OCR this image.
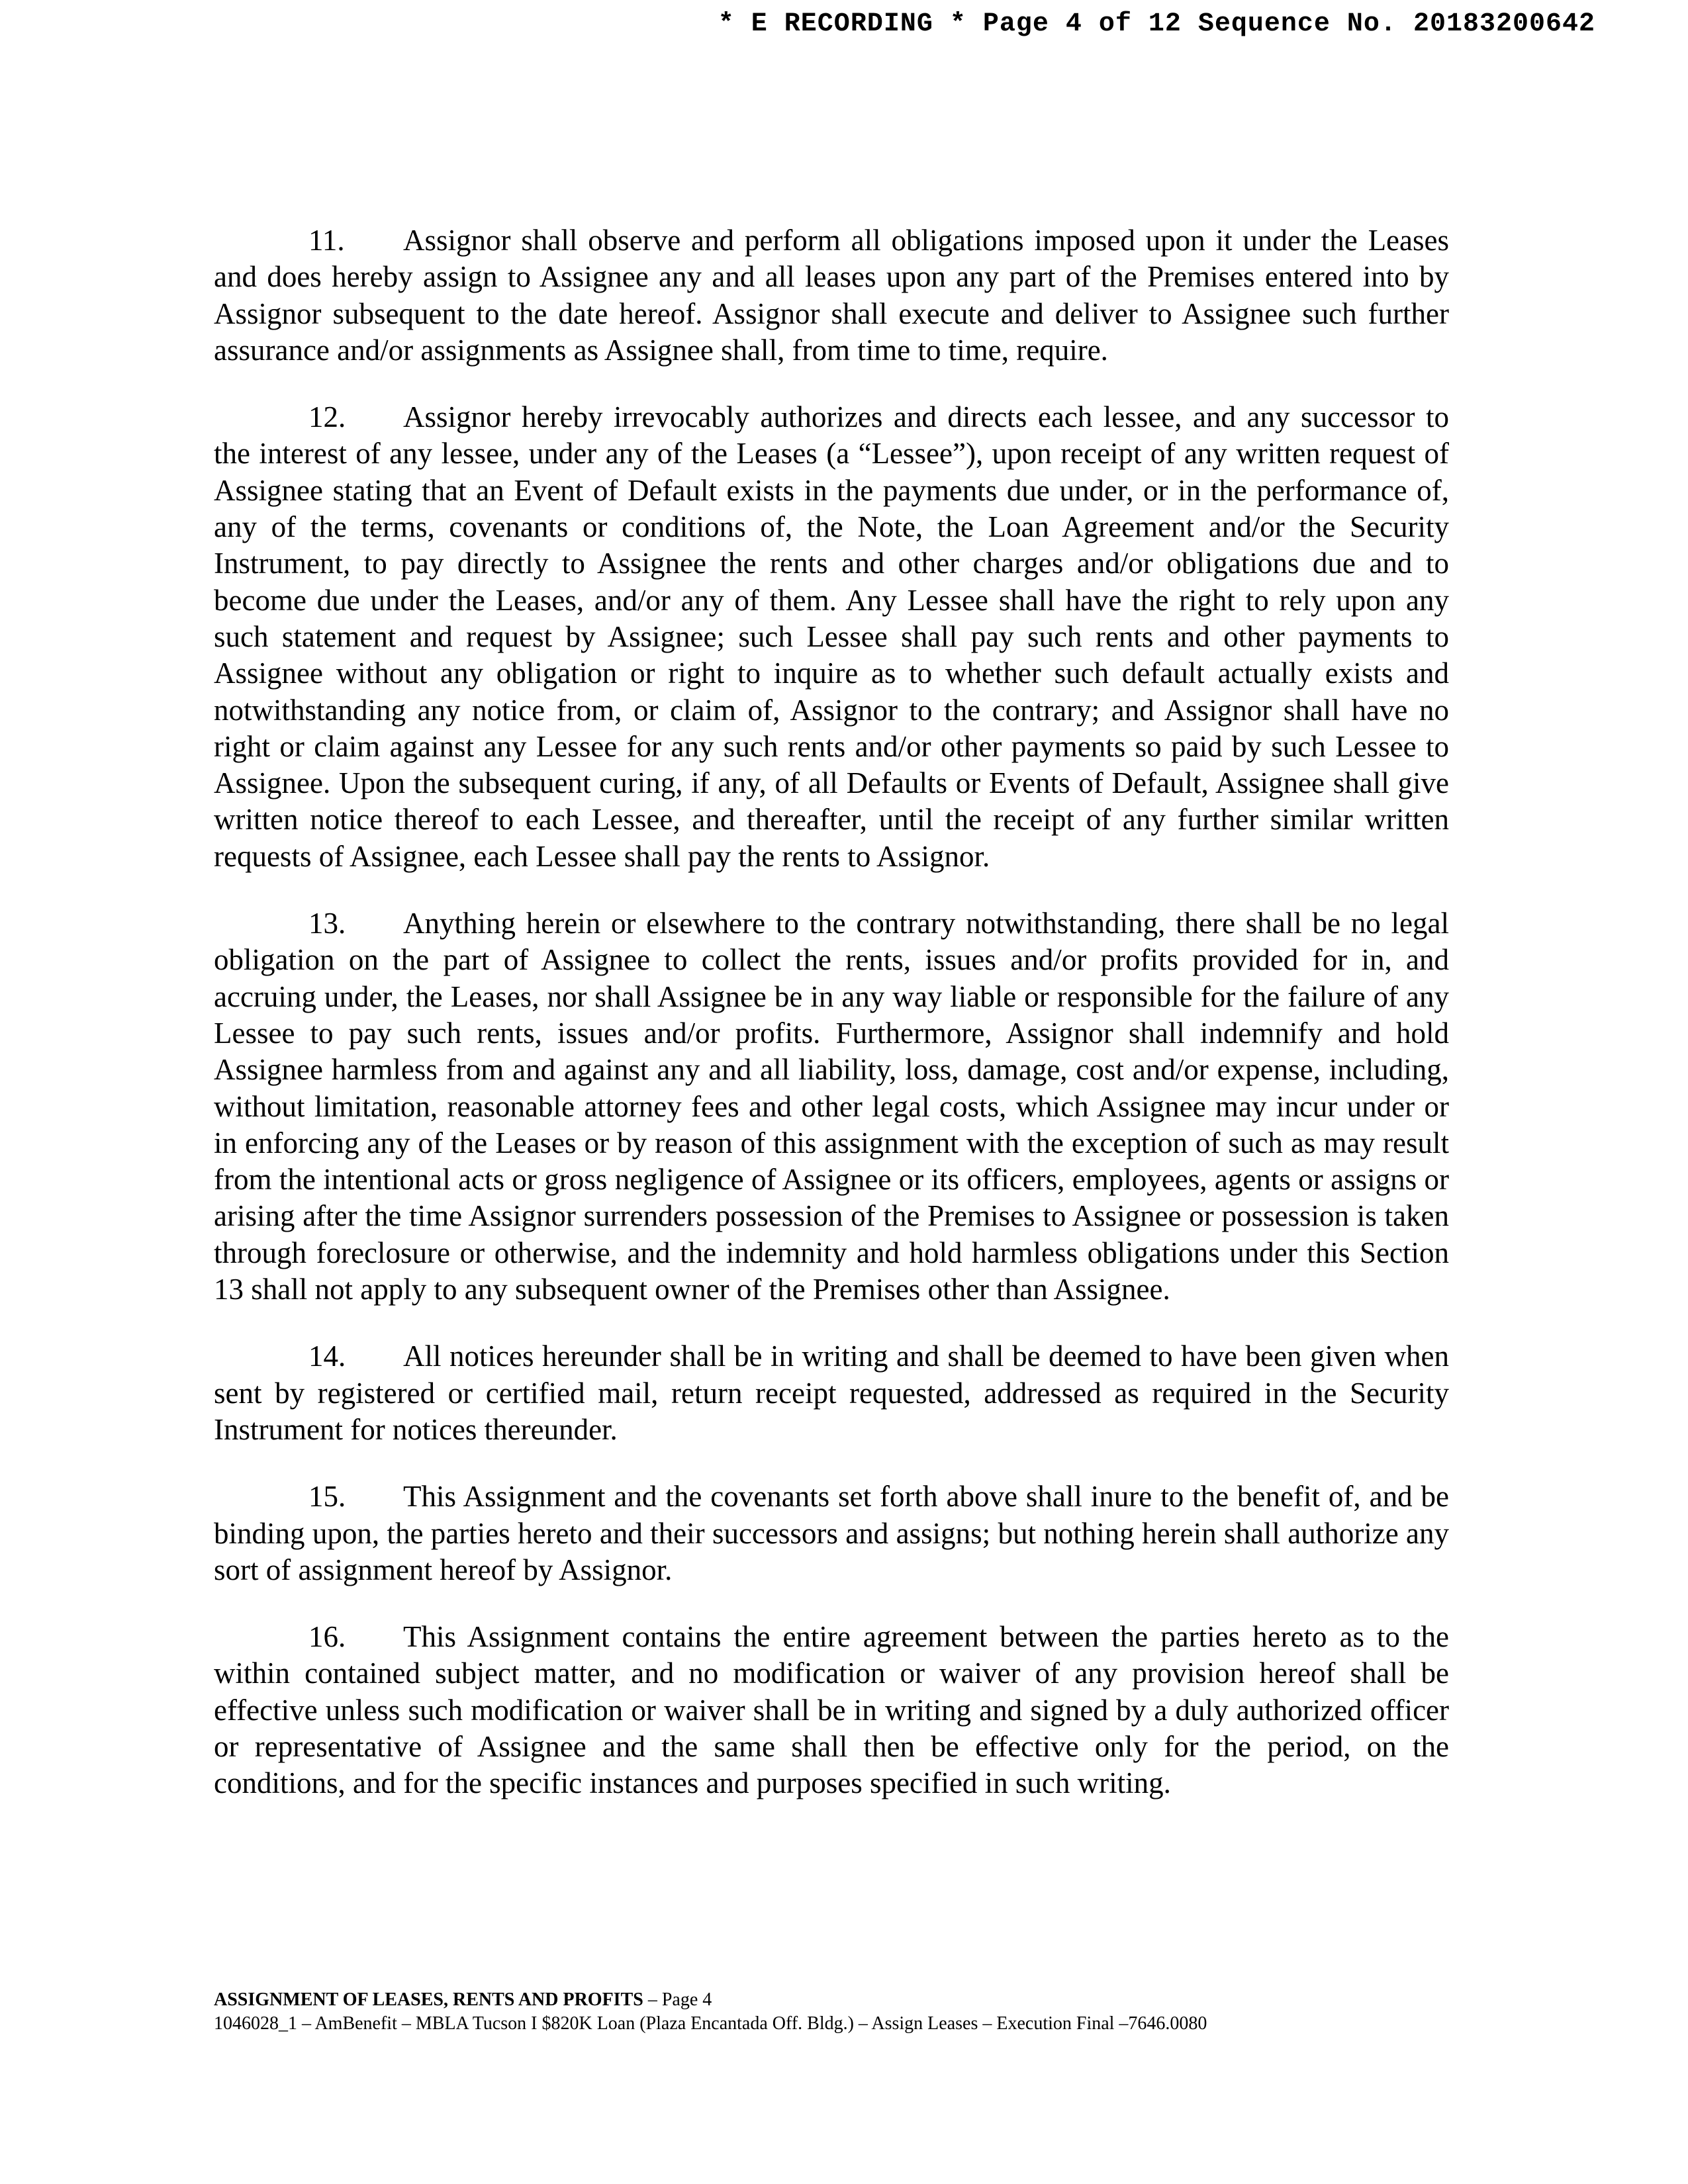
* E RECORDING * Page 4 of 12 Sequence No. 20183200642

11. Assignor shall observe and perform all obligations imposed upon it under the Leases and does hereby assign to Assignee any and all leases upon any part of the Premises entered into by Assignor subsequent to the date hereof. Assignor shall execute and deliver to Assignee such further assurance and/or assignments as Assignee shall, from time to time, require.

12. Assignor hereby irrevocably authorizes and directs each lessee, and any successor to the interest of any lessee, under any of the Leases (a “Lessee”), upon receipt of any written request of Assignee stating that an Event of Default exists in the payments due under, or in the performance of, any of the terms, covenants or conditions of, the Note, the Loan Agreement and/or the Security Instrument, to pay directly to Assignee the rents and other charges and/or obligations due and to become due under the Leases, and/or any of them. Any Lessee shall have the right to rely upon any such statement and request by Assignee; such Lessee shall pay such rents and other payments to Assignee without any obligation or right to inquire as to whether such default actually exists and notwithstanding any notice from, or claim of, Assignor to the contrary; and Assignor shall have no right or claim against any Lessee for any such rents and/or other payments so paid by such Lessee to Assignee. Upon the subsequent curing, if any, of all Defaults or Events of Default, Assignee shall give written notice thereof to each Lessee, and thereafter, until the receipt of any further similar written requests of Assignee, each Lessee shall pay the rents to Assignor.

13. Anything herein or elsewhere to the contrary notwithstanding, there shall be no legal obligation on the part of Assignee to collect the rents, issues and/or profits provided for in, and accruing under, the Leases, nor shall Assignee be in any way liable or responsible for the failure of any Lessee to pay such rents, issues and/or profits. Furthermore, Assignor shall indemnify and hold Assignee harmless from and against any and all liability, loss, damage, cost and/or expense, including, without limitation, reasonable attorney fees and other legal costs, which Assignee may incur under or in enforcing any of the Leases or by reason of this assignment with the exception of such as may result from the intentional acts or gross negligence of Assignee or its officers, employees, agents or assigns or arising after the time Assignor surrenders possession of the Premises to Assignee or possession is taken through foreclosure or otherwise, and the indemnity and hold harmless obligations under this Section 13 shall not apply to any subsequent owner of the Premises other than Assignee.

14. All notices hereunder shall be in writing and shall be deemed to have been given when sent by registered or certified mail, return receipt requested, addressed as required in the Security Instrument for notices thereunder.

15. This Assignment and the covenants set forth above shall inure to the benefit of, and be binding upon, the parties hereto and their successors and assigns; but nothing herein shall authorize any sort of assignment hereof by Assignor.

16. This Assignment contains the entire agreement between the parties hereto as to the within contained subject matter, and no modification or waiver of any provision hereof shall be effective unless such modification or waiver shall be in writing and signed by a duly authorized officer or representative of Assignee and the same shall then be effective only for the period, on the conditions, and for the specific instances and purposes specified in such writing.

ASSIGNMENT OF LEASES, RENTS AND PROFITS – Page 4

1046028_1 – AmBenefit – MBLA Tucson I $820K Loan (Plaza Encantada Off. Bldg.) – Assign Leases – Execution Final –7646.0080
